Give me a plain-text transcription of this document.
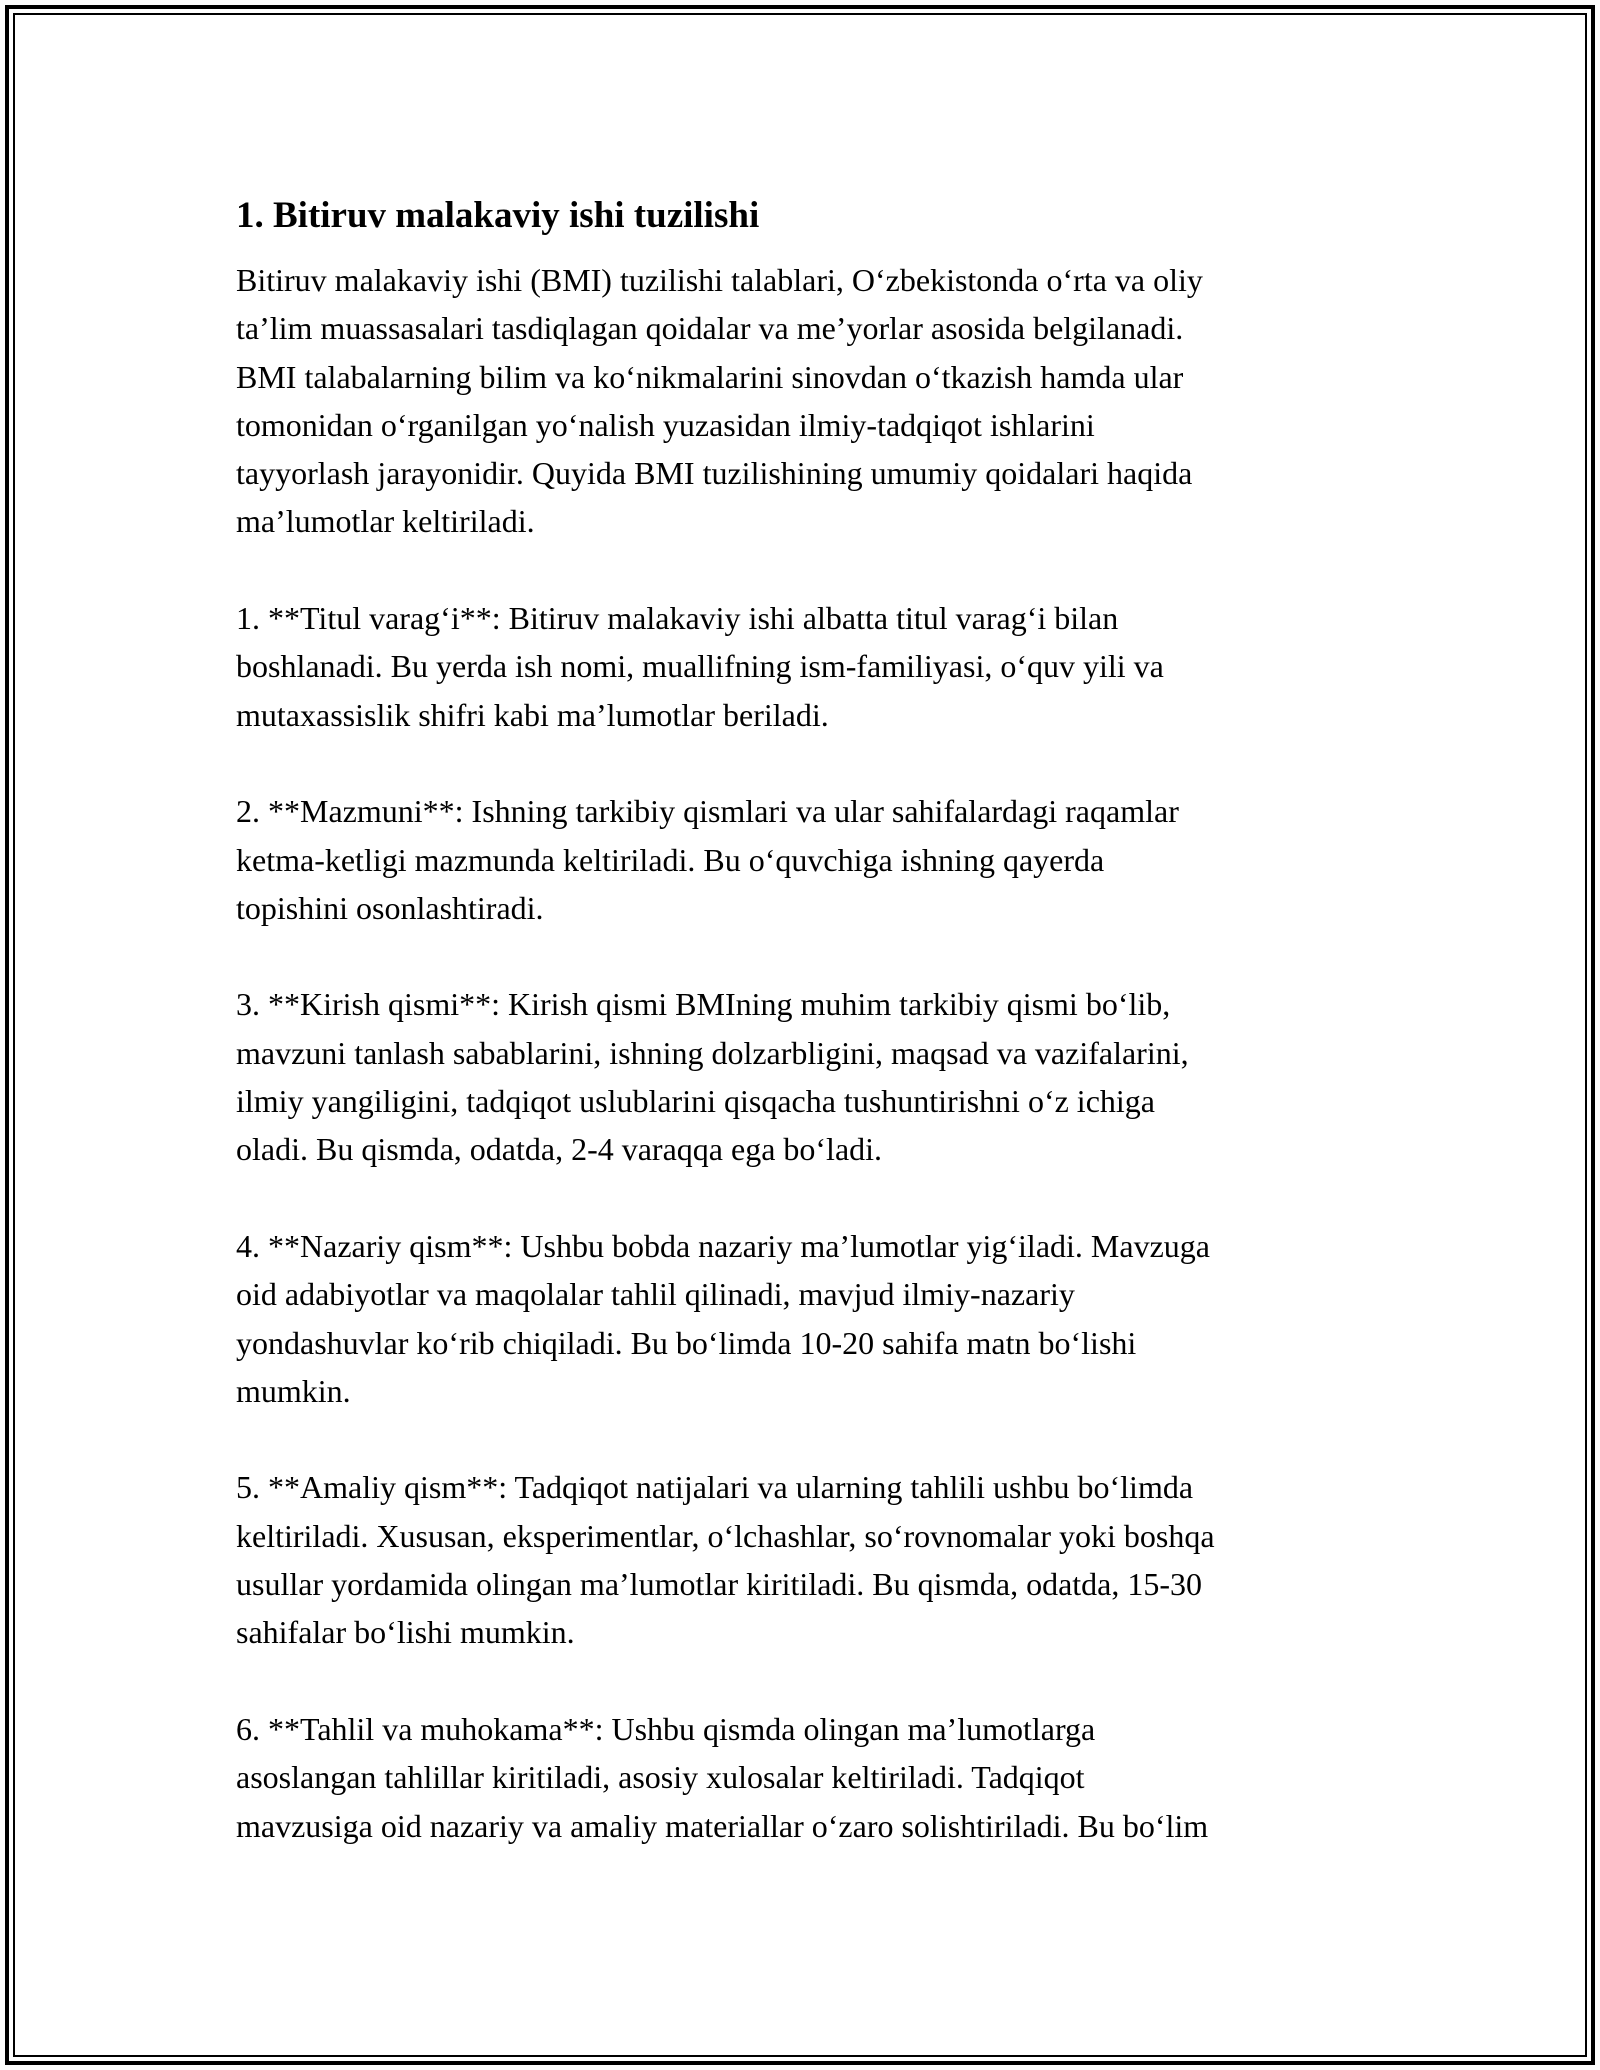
1. Bitiruv malakaviy ishi tuzilishi

Bitiruv malakaviy ishi (BMI) tuzilishi talablari, O‘zbekistonda o‘rta va oliy
ta’lim muassasalari tasdiqlagan qoidalar va me’yorlar asosida belgilanadi.
BMI talabalarning bilim va ko‘nikmalarini sinovdan o‘tkazish hamda ular
tomonidan o‘rganilgan yo‘nalish yuzasidan ilmiy-tadqiqot ishlarini
tayyorlash jarayonidir. Quyida BMI tuzilishining umumiy qoidalari haqida
ma’lumotlar keltiriladi.

1. **Titul varag‘i**: Bitiruv malakaviy ishi albatta titul varag‘i bilan
boshlanadi. Bu yerda ish nomi, muallifning ism-familiyasi, o‘quv yili va
mutaxassislik shifri kabi ma’lumotlar beriladi.

2. **Mazmuni**: Ishning tarkibiy qismlari va ular sahifalardagi raqamlar
ketma-ketligi mazmunda keltiriladi. Bu o‘quvchiga ishning qayerda
topishini osonlashtiradi.

3. **Kirish qismi**: Kirish qismi BMIning muhim tarkibiy qismi bo‘lib,
mavzuni tanlash sabablarini, ishning dolzarbligini, maqsad va vazifalarini,
ilmiy yangiligini, tadqiqot uslublarini qisqacha tushuntirishni o‘z ichiga
oladi. Bu qismda, odatda, 2-4 varaqqa ega bo‘ladi.

4. **Nazariy qism**: Ushbu bobda nazariy ma’lumotlar yig‘iladi. Mavzuga
oid adabiyotlar va maqolalar tahlil qilinadi, mavjud ilmiy-nazariy
yondashuvlar ko‘rib chiqiladi. Bu bo‘limda 10-20 sahifa matn bo‘lishi
mumkin.

5. **Amaliy qism**: Tadqiqot natijalari va ularning tahlili ushbu bo‘limda
keltiriladi. Xususan, eksperimentlar, o‘lchashlar, so‘rovnomalar yoki boshqa
usullar yordamida olingan ma’lumotlar kiritiladi. Bu qismda, odatda, 15-30
sahifalar bo‘lishi mumkin.

6. **Tahlil va muhokama**: Ushbu qismda olingan ma’lumotlarga
asoslangan tahlillar kiritiladi, asosiy xulosalar keltiriladi. Tadqiqot
mavzusiga oid nazariy va amaliy materiallar o‘zaro solishtiriladi. Bu bo‘lim
